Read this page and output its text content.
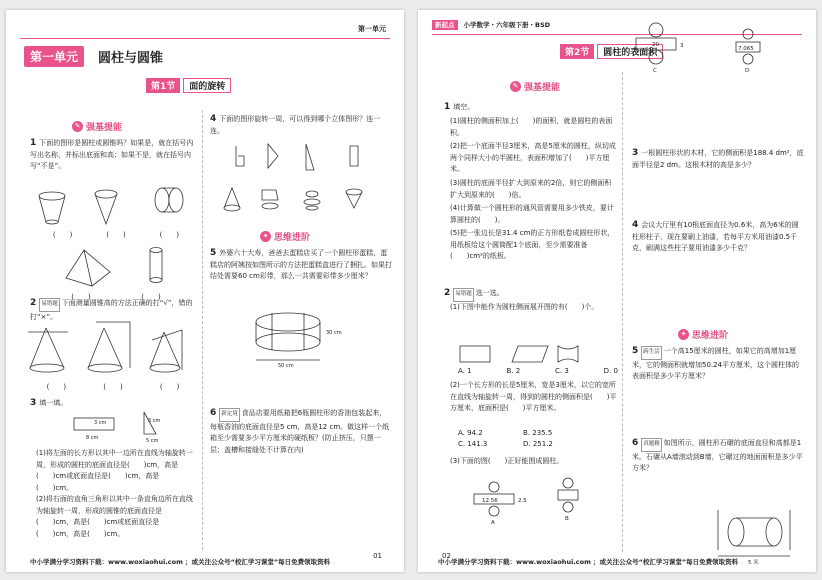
第一单元
第一单元	圆柱与圆锥
第1节	面的旋转
✎ 强基提能
1 下面的图形是圆柱或圆锥吗？如果是，就在括号内写出名称，并标出底面和高；如果不是，就在括号内写“不是”。
3 cm
8 cm
3 cm
5 cm
30 cm
50 cm
(　　)	(　　)	(　　)
(　　)	(　　)
2 易错题 下面测量圆锥高的方法正确的打“√”，错的打“×”。
(　　)	(　　)	(　　)
3 填一填。
(1)将左面的长方形以其中一边所在直线为轴旋转一周，形成的圆柱的底面直径是(　　)cm，高是(　　)cm或底面直径是(　　)cm，高是(　　)cm。
(2)将右面的直角三角形以其中一条直角边所在直线为轴旋转一周，形成的圆锥的底面直径是(　　)cm，高是(　　)cm或底面直径是(　　)cm，高是(　　)cm。
4 下面的图形旋转一周，可以得到哪个立体图形？连一连。
✦ 思维进阶
5 外婆六十大寿，爸爸去蛋糕店买了一个圆柱形蛋糕，蛋糕店的阿姨按如图所示的方法把蛋糕盒进行了捆扎。如果打结处需要60 cm彩带，那么一共需要彩带多少厘米？
6 新定境 食品店要用纸箱把6瓶圆柱形的香油包装起来，每瓶香油的底面直径是5 cm，高是12 cm。做这样一个纸箱至少需要多少平方厘米的硬纸板？(防止挤压，只摆一层；盖槽和接缝处不计算在内)
01
中小学满分学习资料下载：www.woxiaohui.com ；或关注公众号“校汇学习课堂”每日免费领取资料
新起点 小学数学・六年级下册・BSD
第2节	圆柱的表面积
✎ 强基提能
1 填空。
(1)圆柱的侧面积加上(　　)的面积，就是圆柱的表面积。
(2)把一个底面半径3厘米，高是5厘米的圆柱，纵切成两个同样大小的半圆柱，表面积增加了(　　)平方厘米。
(3)圆柱的底面半径扩大到原来的2倍，则它的侧面积扩大到原来的(　　)倍。
(4)计算做一个圆柱形的通风管需要用多少铁皮，要计算圆柱的(　　)。
(5)把一张边长是31.4 cm的正方形纸卷成圆柱形状，用纸板给这个圆筒配1个底面，至少需要准备(　　)cm²的纸板。
2 易错题 选一选。
(1)下图中能作为圆柱侧面展开图的有(　　)个。
12.56	2.5
20	3	7.065
A
B
C	D
5 米
A. 1	B. 2	C. 3	D. 0
(2)一个长方形的长是5厘米，宽是3厘米，以它的宽所在直线为轴旋转一周，得到的圆柱的侧面积是(　　)平方厘米，底面积是(　　)平方厘米。
A. 94.2	B. 235.5
C. 141.3	D. 251.2
(3)下面的图(　　)正好能围成圆柱。
3 一根圆柱形状的木材，它的侧面积是188.4 dm²，底面半径是2 dm。这根木材的高是多少？
4 会议大厅里有10根底面直径为0.6米，高为6米的圆柱形柱子，现在要刷上油漆，若每平方米用油漆0.5千克，刷满这些柱子要用油漆多少千克？
✦ 思维进阶
5 跨生活 一个高15厘米的圆柱，如果它的高增加1厘米，它的侧面积就增加50.24平方厘米，这个圆柱体的表面积是多少平方厘米？
6 真题精 如图所示，圆柱形石碾的底面直径和高都是1米。石碾从A墙滚动到B墙，它碾过的地面面积是多少平方米？
02
中小学满分学习资料下载：www.woxiaohui.com ；或关注公众号“校汇学习课堂”每日免费领取资料
